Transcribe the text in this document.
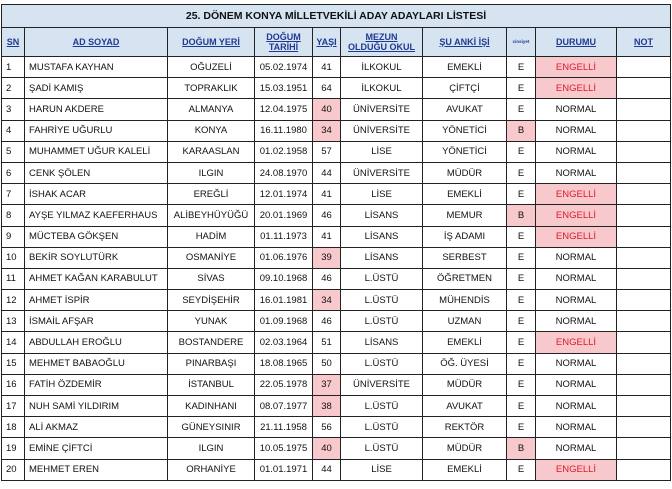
25. DÖNEM KONYA MİLLETVEKİLİ ADAY ADAYLARI LİSTESİ									
SN	AD SOYAD	DOĞUM YERİ	DOĞUM
TARİHİ	YAŞI	MEZUN
OLDUĞU OKUL	ŞU ANKİ İŞİ	cinsiyet	DURUMU	NOT
1	MUSTAFA KAYHAN	OĞUZELİ	05.02.1974	41	İLKOKUL	EMEKLİ	E	ENGELLİ	
2	ŞADİ KAMIŞ	TOPRAKLIK	15.03.1951	64	İLKOKUL	ÇİFTÇİ	E	ENGELLİ	
3	HARUN AKDERE	ALMANYA	12.04.1975	40	ÜNİVERSİTE	AVUKAT	E	NORMAL	
4	FAHRİYE UĞURLU	KONYA	16.11.1980	34	ÜNİVERSİTE	YÖNETİCİ	B	NORMAL	
5	MUHAMMET UĞUR KALELİ	KARAASLAN	01.02.1958	57	LİSE	YÖNETİCİ	E	NORMAL	
6	CENK ŞÖLEN	ILGIN	24.08.1970	44	ÜNİVERSİTE	MÜDÜR	E	NORMAL	
7	İSHAK ACAR	EREĞLİ	12.01.1974	41	LİSE	EMEKLİ	E	ENGELLİ	
8	AYŞE YILMAZ KAEFERHAUS	ALİBEYHÜYÜĞÜ	20.01.1969	46	LİSANS	MEMUR	B	ENGELLİ	
9	MÜCTEBA GÖKŞEN	HADİM	01.11.1973	41	LİSANS	İŞ ADAMI	E	ENGELLİ	
10	BEKİR SOYLUTÜRK	OSMANİYE	01.06.1976	39	LİSANS	SERBEST	E	NORMAL	
11	AHMET KAĞAN KARABULUT	SİVAS	09.10.1968	46	L.ÜSTÜ	ÖĞRETMEN	E	NORMAL	
12	AHMET İSPİR	SEYDİŞEHİR	16.01.1981	34	L.ÜSTÜ	MÜHENDİS	E	NORMAL	
13	İSMAİL AFŞAR	YUNAK	01.09.1968	46	L.ÜSTÜ	UZMAN	E	NORMAL	
14	ABDULLAH EROĞLU	BOSTANDERE	02.03.1964	51	LİSANS	EMEKLİ	E	ENGELLİ	
15	MEHMET BABAOĞLU	PINARBAŞI	18.08.1965	50	L.ÜSTÜ	ÖĞ. ÜYESİ	E	NORMAL	
16	FATİH ÖZDEMİR	İSTANBUL	22.05.1978	37	ÜNİVERSİTE	MÜDÜR	E	NORMAL	
17	NUH SAMİ YILDIRIM	KADINHANI	08.07.1977	38	L.ÜSTÜ	AVUKAT	E	NORMAL	
18	ALİ AKMAZ	GÜNEYSINIR	21.11.1958	56	L.ÜSTÜ	REKTÖR	E	NORMAL	
19	EMİNE ÇİFTCİ	ILGIN	10.05.1975	40	L.ÜSTÜ	MÜDÜR	B	NORMAL	
20	MEHMET EREN	ORHANİYE	01.01.1971	44	LİSE	EMEKLİ	E	ENGELLİ	
